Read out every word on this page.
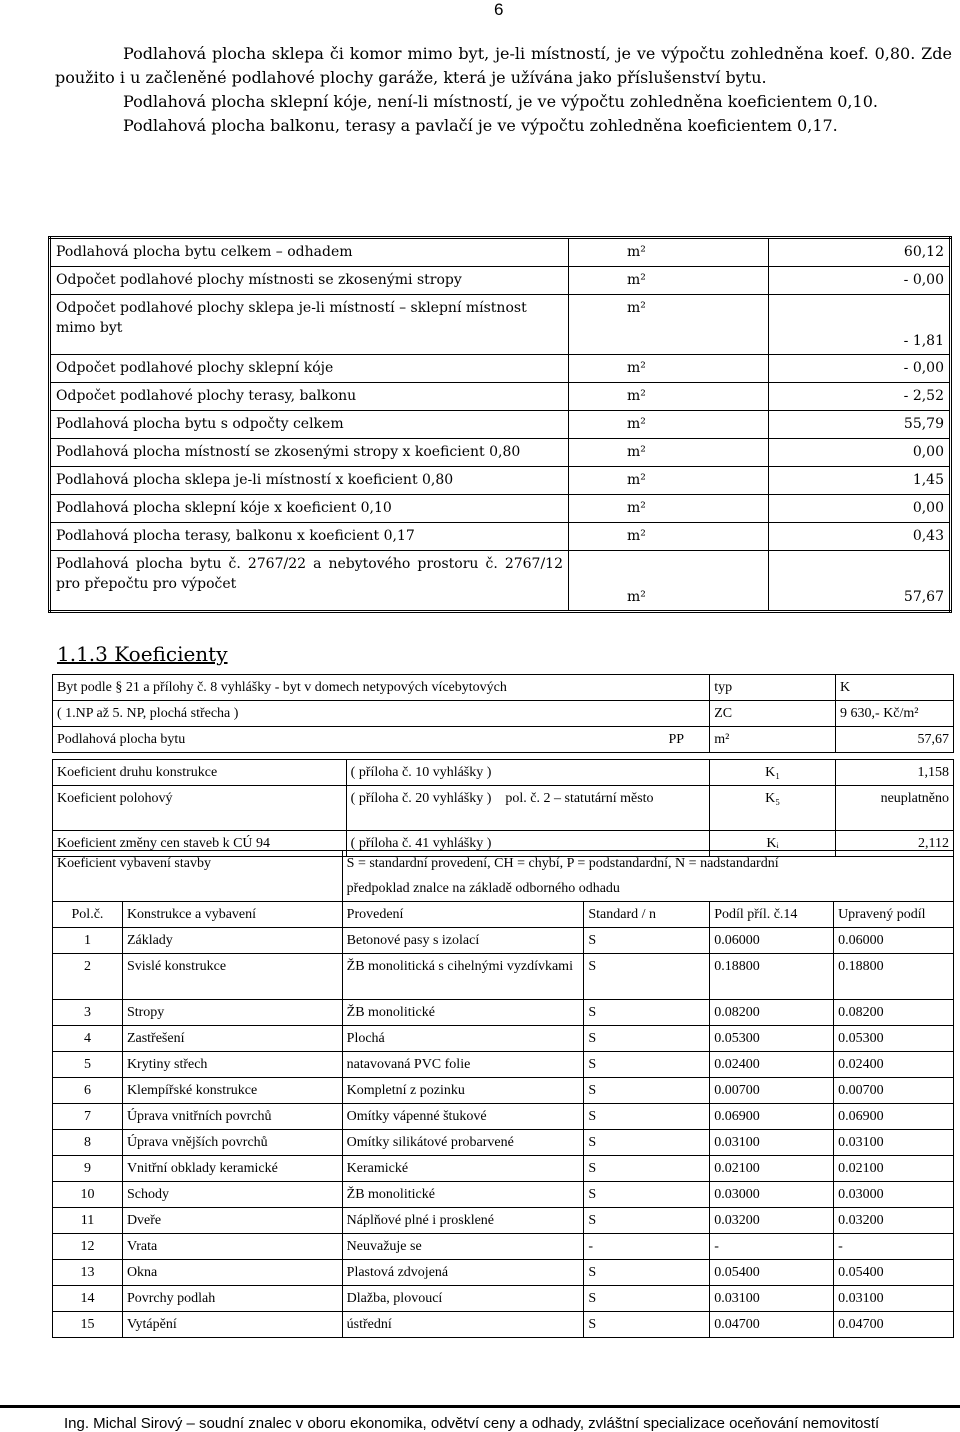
6

Podlahová plocha sklepa či komor mimo byt, je-li místností, je ve výpočtu zohledněna koef. 0,80. Zde použito i u začleněné podlahové plochy garáže, která je užívána jako příslušenství bytu.

Podlahová plocha sklepní kóje, není-li místností, je ve výpočtu zohledněna koeficientem 0,10.

Podlahová plocha balkonu, terasy a pavlačí je ve výpočtu zohledněna koeficientem 0,17.

Podlahová plocha bytu celkem – odhadem	m²	60,12
Odpočet podlahové plochy místnosti se zkosenými stropy	m²	- 0,00
Odpočet podlahové plochy sklepa je-li místností – sklepní místnost mimo byt	m²	- 1,81
Odpočet podlahové plochy sklepní kóje	m²	- 0,00
Odpočet podlahové plochy terasy, balkonu	m²	- 2,52
Podlahová plocha bytu s odpočty celkem	m²	55,79
Podlahová plocha místností se zkosenými stropy x koeficient 0,80	m²	0,00
Podlahová plocha sklepa je-li místností x koeficient 0,80	m²	1,45
Podlahová plocha sklepní kóje x koeficient 0,10	m²	0,00
Podlahová plocha terasy, balkonu x koeficient 0,17	m²	0,43
Podlahová plocha bytu č. 2767/22 a nebytového prostoru č. 2767/12 pro přepočtu pro výpočet	m²	57,67
1.1.3 Koeficienty
Byt podle § 21 a přílohy č. 8 vyhlášky - byt v domech netypových vícebytových		typ	K
( 1.NP až 5. NP, plochá střecha )		ZC	9 630,- Kč/m²
Podlahová plocha bytu PP		m²	57,67

Koeficient druhu konstrukce	( příloha č. 10 vyhlášky )	K₁	1,158
Koeficient polohový	( příloha č. 20 vyhlášky ) pol. č. 2 – statutární město	K₅	neuplatněno
Koeficient změny cen staveb k CÚ 94	( příloha č. 41 vyhlášky )	Kᵢ	2,112
Koeficient vybavení stavby		S = standardní provedení, CH = chybí, P = podstandardní, N = nadstandardní			
		předpoklad znalce na základě odborného odhadu			
Pol.č.	Konstrukce a vybavení	Provedení	Standard / n	Podíl příl. č.14	Upravený podíl
1	Základy	Betonové pasy s izolací	S	0.06000	0.06000
2	Svislé konstrukce	ŽB monolitická s cihelnými vyzdívkami	S	0.18800	0.18800
3	Stropy	ŽB monolitické	S	0.08200	0.08200
4	Zastřešení	Plochá	S	0.05300	0.05300
5	Krytiny střech	natavovaná PVC folie	S	0.02400	0.02400
6	Klempířské konstrukce	Kompletní z pozinku	S	0.00700	0.00700
7	Úprava vnitřních povrchů	Omítky vápenné štukové	S	0.06900	0.06900
8	Úprava vnějších povrchů	Omítky silikátové probarvené	S	0.03100	0.03100
9	Vnitřní obklady keramické	Keramické	S	0.02100	0.02100
10	Schody	ŽB monolitické	S	0.03000	0.03000
11	Dveře	Náplňové plné i prosklené	S	0.03200	0.03200
12	Vrata	Neuvažuje se	-	-	-
13	Okna	Plastová zdvojená	S	0.05400	0.05400
14	Povrchy podlah	Dlažba, plovoucí	S	0.03100	0.03100
15	Vytápění	ústřední	S	0.04700	0.04700
Ing. Michal Sirový – soudní znalec v oboru ekonomika, odvětví ceny a odhady, zvláštní specializace oceňování nemovitostí
